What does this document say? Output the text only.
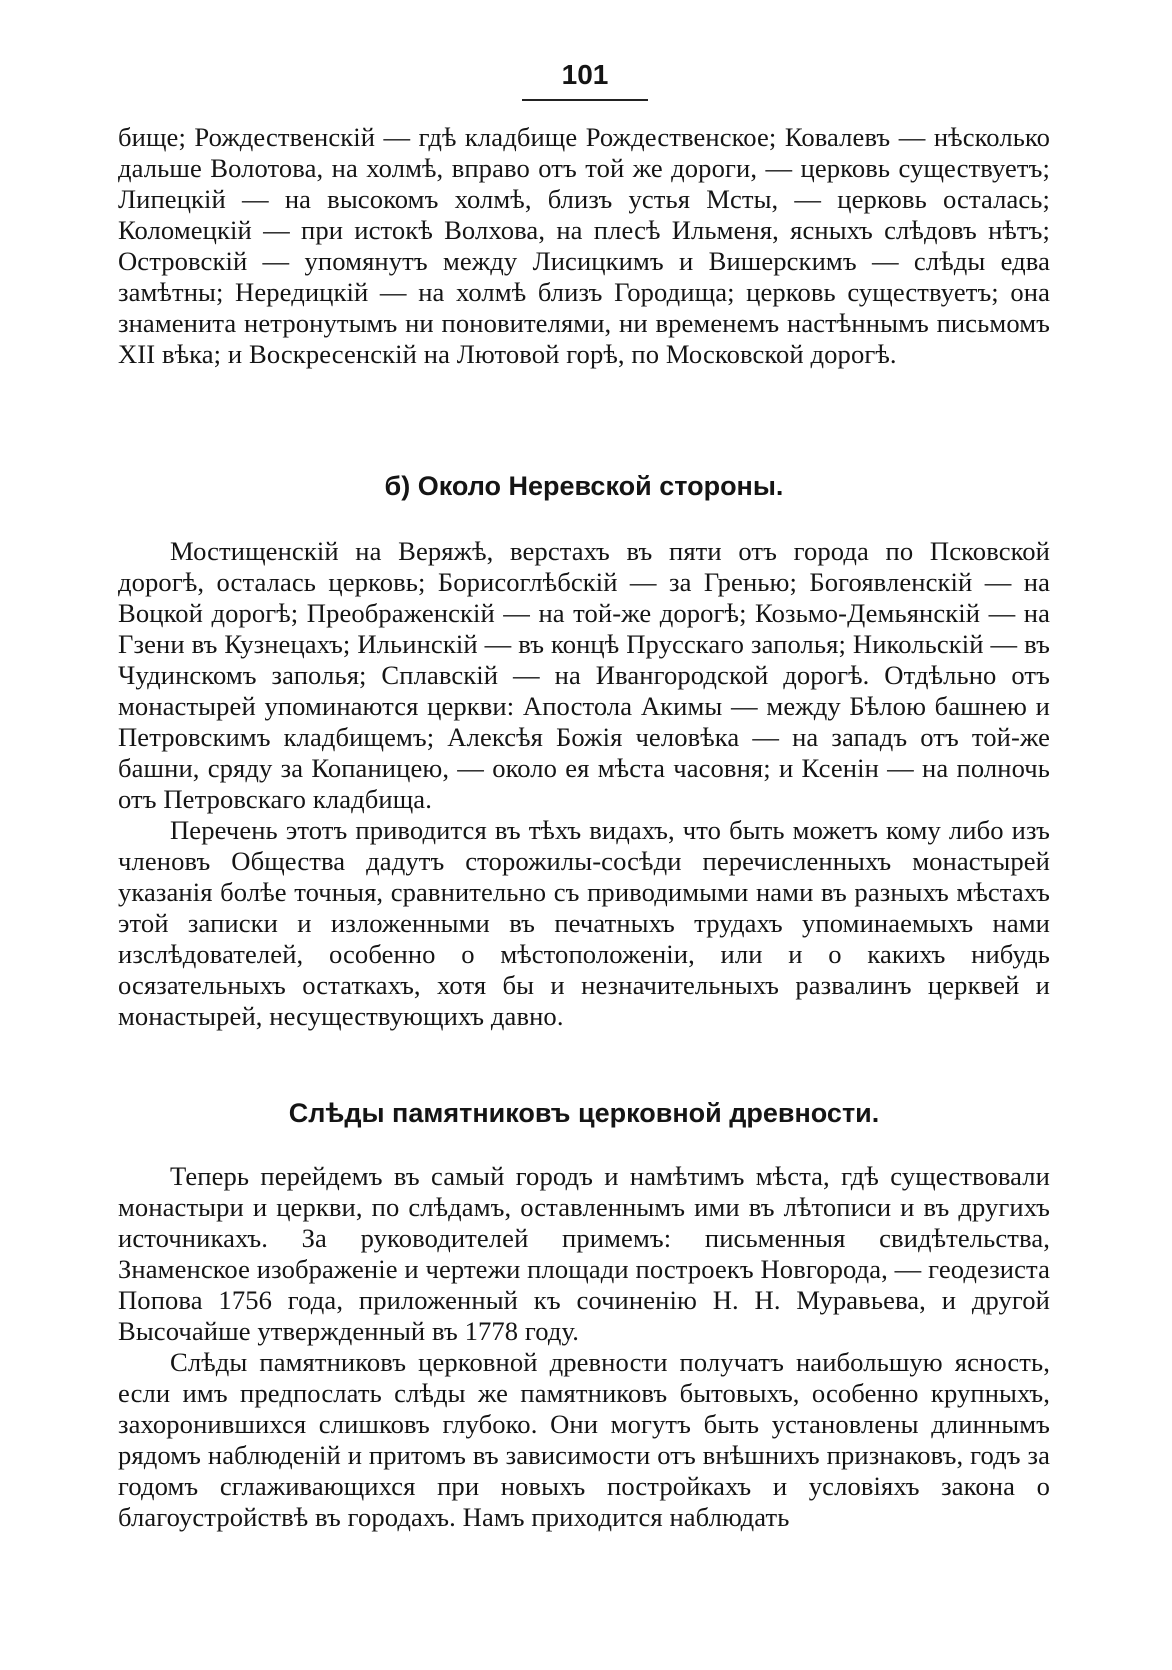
101

бище; Рождественскій — гдѣ кладбище Рождественское; Ковалевъ — нѣсколько дальше Волотова, на холмѣ, вправо отъ той же дороги, — церковь существуетъ; Липецкій — на высокомъ холмѣ, близъ устья Мсты, — церковь осталась; Коломецкій — при истокѣ Волхова, на плесѣ Ильменя, ясныхъ слѣдовъ нѣтъ; Островскій — упомянутъ между Лисицкимъ и Вишерскимъ — слѣды едва замѣтны; Нередицкій — на холмѣ близъ Городища; церковь существуетъ; она знаменита нетронутымъ ни поновителями, ни временемъ настѣннымъ письмомъ XII вѣка; и Воскресенскій на Лютовой горѣ, по Московской дорогѣ.

б) Около Неревской стороны.

Мостищенскій на Веряжѣ, верстахъ въ пяти отъ города по Псковской дорогѣ, осталась церковь; Борисоглѣбскій — за Гренью; Богоявленскій — на Воцкой дорогѣ; Преображенскій — на той-же дорогѣ; Козьмо-Демьянскій — на Гзени въ Кузнецахъ; Ильинскій — въ концѣ Прусскаго заполья; Никольскій — въ Чудинскомъ заполья; Сплавскій — на Ивангородской дорогѣ. Отдѣльно отъ монастырей упоминаются церкви: Апостола Акимы — между Бѣлою башнею и Петровскимъ кладбищемъ; Алексѣя Божія человѣка — на западъ отъ той-же башни, сряду за Копаницею, — около ея мѣста часовня; и Ксенін — на полночь отъ Петровскаго кладбища.

Перечень этотъ приводится въ тѣхъ видахъ, что быть можетъ кому либо изъ членовъ Общества дадутъ сторожилы-сосѣди перечисленныхъ монастырей указанія болѣе точныя, сравнительно съ приводимыми нами въ разныхъ мѣстахъ этой записки и изложенными въ печатныхъ трудахъ упоминаемыхъ нами изслѣдователей, особенно о мѣстоположеніи, или и о какихъ нибудь осязательныхъ остаткахъ, хотя бы и незначительныхъ развалинъ церквей и монастырей, несуществующихъ давно.

Слѣды памятниковъ церковной древности.

Теперь перейдемъ въ самый городъ и намѣтимъ мѣста, гдѣ существовали монастыри и церкви, по слѣдамъ, оставленнымъ ими въ лѣтописи и въ другихъ источникахъ. За руководителей примемъ: письменныя свидѣтельства, Знаменское изображеніе и чертежи площади построекъ Новгорода, — геодезиста Попова 1756 года, приложенный къ сочиненію Н. Н. Муравьева, и другой Высочайше утвержденный въ 1778 году.

Слѣды памятниковъ церковной древности получатъ наибольшую ясность, если имъ предпослать слѣды же памятниковъ бытовыхъ, особенно крупныхъ, захоронившихся слишковъ глубоко. Они могутъ быть установлены длиннымъ рядомъ наблюденій и притомъ въ зависимости отъ внѣшнихъ признаковъ, годъ за годомъ сглаживающихся при новыхъ постройкахъ и условіяхъ закона о благоустройствѣ въ городахъ. Намъ приходится наблюдать
